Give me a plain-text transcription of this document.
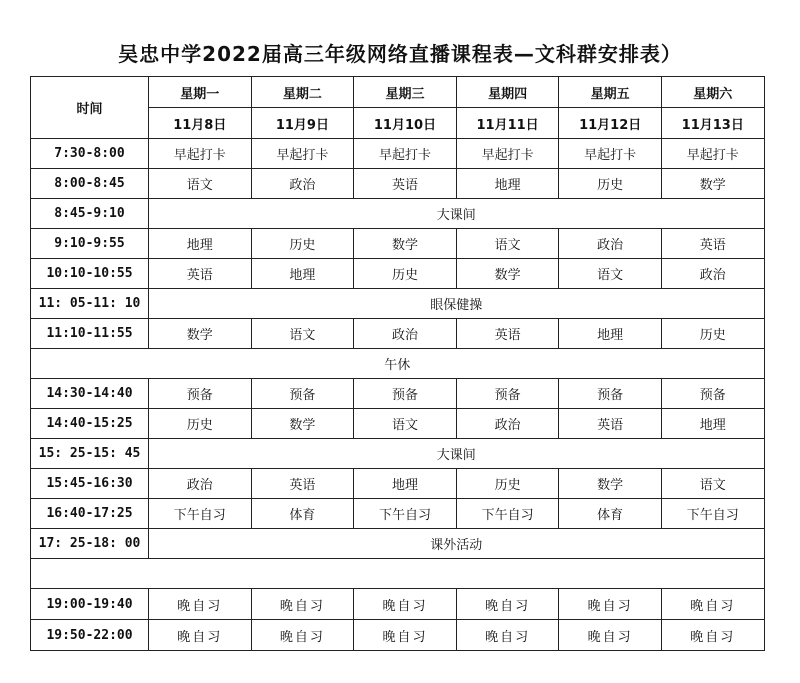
吴忠中学2022届高三年级网络直播课程表—文科群安排表）
时间	星期一	星期二	星期三	星期四	星期五	星期六
	11月8日	11月9日	11月10日	11月11日	11月12日	11月13日
7:30-8:00	早起打卡	早起打卡	早起打卡	早起打卡	早起打卡	早起打卡
8:00-8:45	语文	政治	英语	地理	历史	数学
8:45-9:10	大课间					
9:10-9:55	地理	历史	数学	语文	政治	英语
10:10-10:55	英语	地理	历史	数学	语文	政治
11: 05-11: 10	眼保健操					
11:10-11:55	数学	语文	政治	英语	地理	历史
午休						
14:30-14:40	预备	预备	预备	预备	预备	预备
14:40-15:25	历史	数学	语文	政治	英语	地理
15: 25-15: 45	大课间					
15:45-16:30	政治	英语	地理	历史	数学	语文
16:40-17:25	下午自习	体育	下午自习	下午自习	体育	下午自习
17: 25-18: 00	课外活动					

19:00-19:40	晚自习	晚自习	晚自习	晚自习	晚自习	晚自习
19:50-22:00	晚自习	晚自习	晚自习	晚自习	晚自习	晚自习
